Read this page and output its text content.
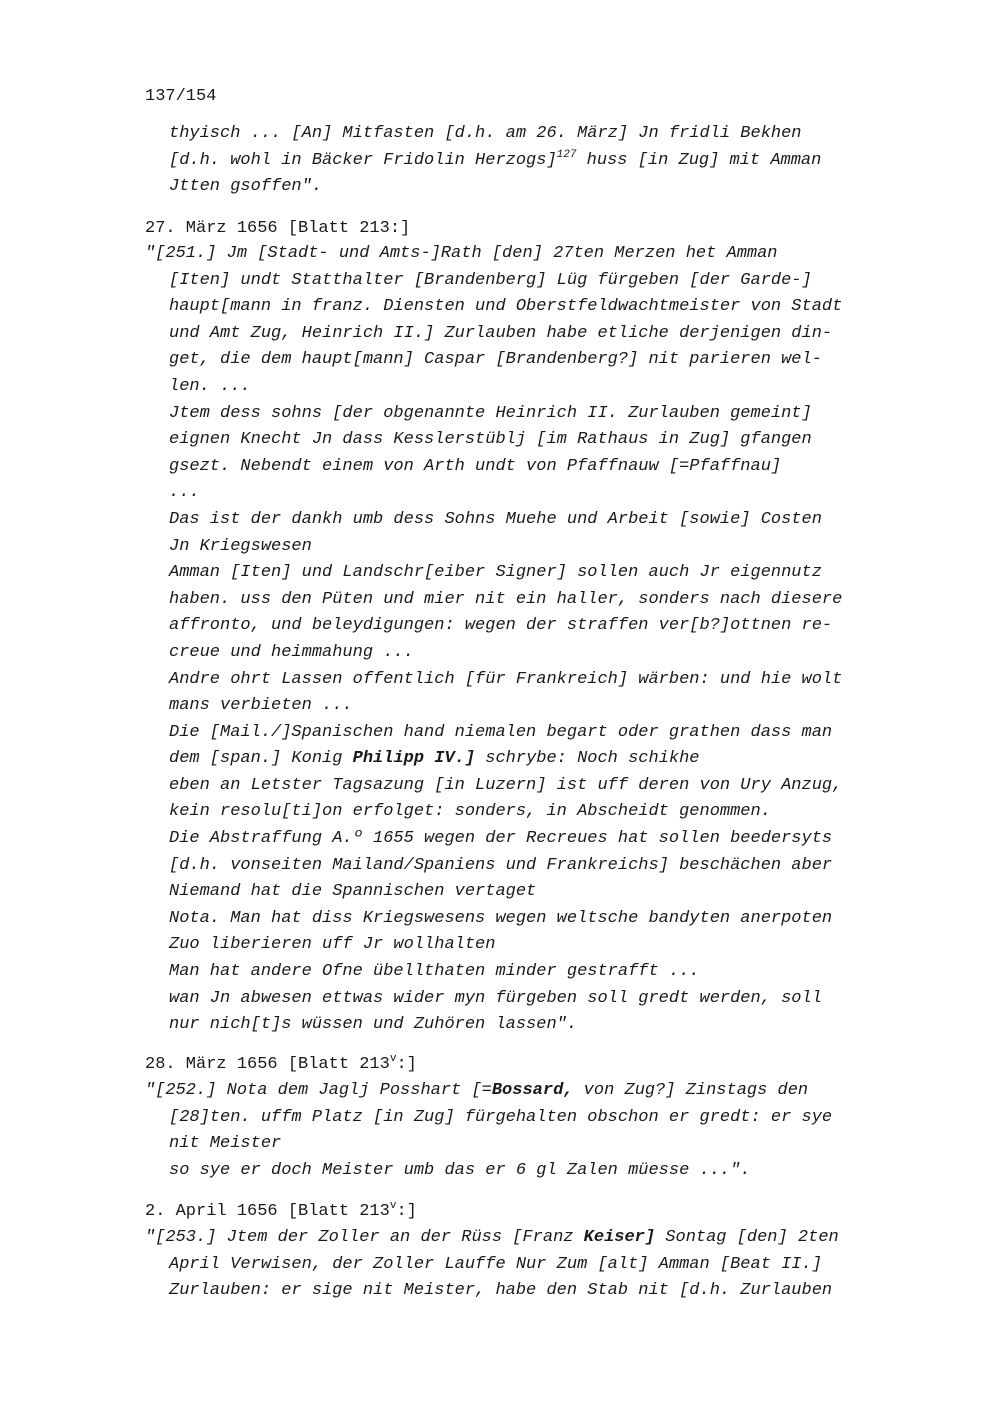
137/154
thyisch ... [An] Mitfasten [d.h. am 26. März] Jn fridli Bekhen
[d.h. wohl in Bäcker Fridolin Herzogs]$^{127}$ huss [in Zug] mit Amman
Jtten gsoffen".
27. März 1656 [Blatt 213:]
"[251.] Jm [Stadt- und Amts-]Rath [den] 27ten Merzen het Amman
[Iten] undt Statthalter [Brandenberg] Lüg fürgeben [der Garde-]
haupt[mann in franz. Diensten und Oberstfeldwachtmeister von Stadt
und Amt Zug, Heinrich II.] Zurlauben habe etliche derjenigen din-
get, die dem haupt[mann] Caspar [Brandenberg?] nit parieren wel-
len. ...
Jtem dess sohns [der obgenannte Heinrich II. Zurlauben gemeint]
eignen Knecht Jn dass Kesslerstüblj [im Rathaus in Zug] gfangen
gsezt. Nebendt einem von Arth undt von Pfaffnauw [=Pfaffnau]
...
Das ist der dankh umb dess Sohns Muehe und Arbeit [sowie] Costen
Jn Kriegswesen
Amman [Iten] und Landschr[eiber Signer] sollen auch Jr eigennutz
haben. uss den Püten und mier nit ein haller, sonders nach diesere
affronto, und beleydigungen: wegen der straffen ver[b?]ottnen re-
creue und heimmahung ...
Andre ohrt Lassen offentlich [für Frankreich] wärben: und hie wolt
mans verbieten ...
Die [Mail./]Spanischen hand niemalen begart oder grathen dass man
dem [span.] Konig Philipp IV.] schrybe: Noch schikhe
eben an Letster Tagsazung [in Luzern] ist uff deren von Ury Anzug,
kein resolu[ti]on erfolget: sonders, in Abscheidt genommen.
Die Abstraffung A.º 1655 wegen der Recreues hat sollen beedersyts
[d.h. vonseiten Mailand/Spaniens und Frankreichs] beschächen aber
Niemand hat die Spannischen vertaget
Nota. Man hat diss Kriegswesens wegen weltsche bandyten anerpoten
Zuo liberieren uff Jr wollhalten
Man hat andere Ofne übellthaten minder gestrafft ...
wan Jn abwesen ettwas wider myn fürgeben soll gredt werden, soll
nur nich[t]s wüssen und Zuhören lassen".
28. März 1656 [Blatt 213$^v$:]
"[252.] Nota dem Jaglj Posshart [=Bossard, von Zug?] Zinstags den
[28]ten. uffm Platz [in Zug] fürgehalten obschon er gredt: er sye
nit Meister
so sye er doch Meister umb das er 6 gl Zalen müesse ...".
2. April 1656 [Blatt 213$^v$:]
"[253.] Jtem der Zoller an der Rüss [Franz Keiser] Sontag [den] 2ten
April Verwisen, der Zoller Lauffe Nur Zum [alt] Amman [Beat II.]
Zurlauben: er sige nit Meister, habe den Stab nit [d.h. Zurlauben
